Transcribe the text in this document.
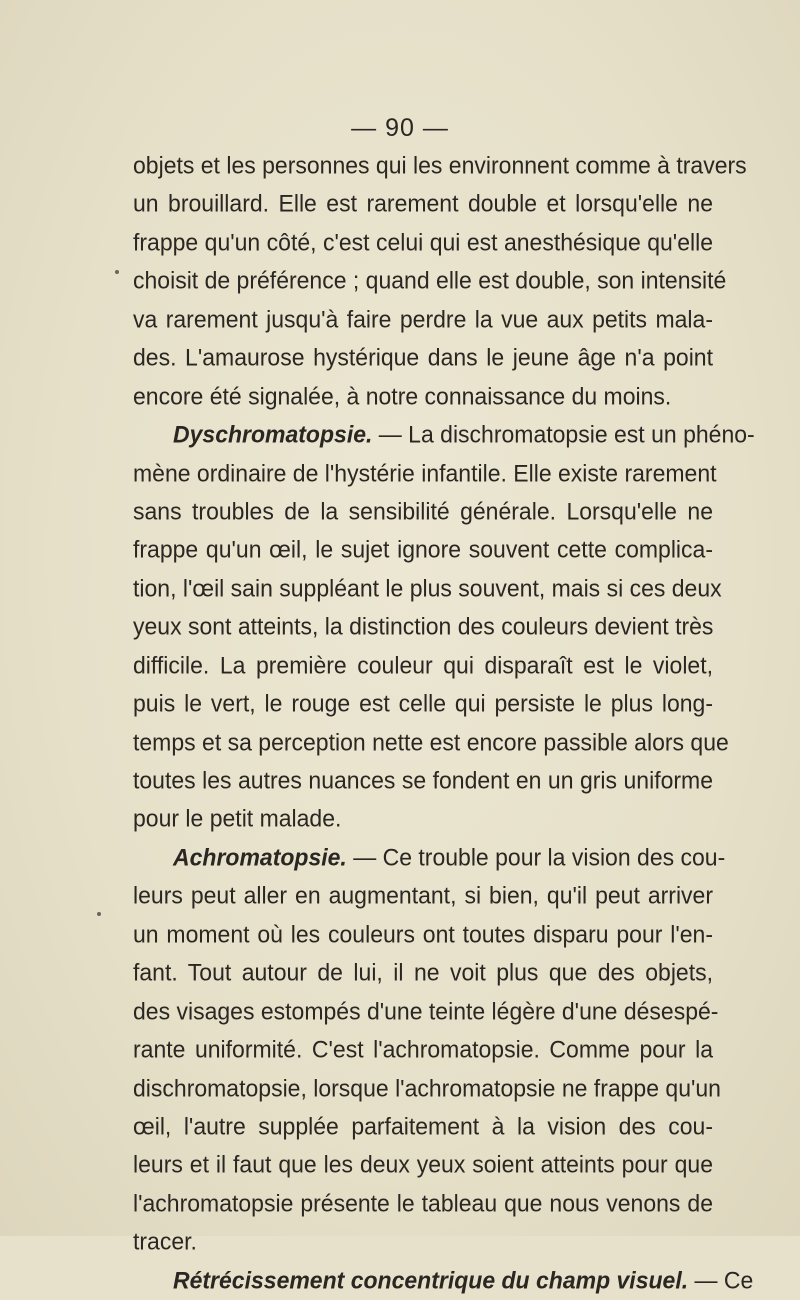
— 90 —
objets et les personnes qui les environnent comme à travers
un brouillard. Elle est rarement double et lorsqu'elle ne
frappe qu'un côté, c'est celui qui est anesthésique qu'elle
choisit de préférence ; quand elle est double, son intensité
va rarement jusqu'à faire perdre la vue aux petits mala-
des. L'amaurose hystérique dans le jeune âge n'a point
encore été signalée, à notre connaissance du moins.
Dyschromatopsie. — La dischromatopsie est un phéno-
mène ordinaire de l'hystérie infantile. Elle existe rarement
sans troubles de la sensibilité générale. Lorsqu'elle ne
frappe qu'un œil, le sujet ignore souvent cette complica-
tion, l'œil sain suppléant le plus souvent, mais si ces deux
yeux sont atteints, la distinction des couleurs devient très
difficile. La première couleur qui disparaît est le violet,
puis le vert, le rouge est celle qui persiste le plus long-
temps et sa perception nette est encore passible alors que
toutes les autres nuances se fondent en un gris uniforme
pour le petit malade.
Achromatopsie. — Ce trouble pour la vision des cou-
leurs peut aller en augmentant, si bien, qu'il peut arriver
un moment où les couleurs ont toutes disparu pour l'en-
fant. Tout autour de lui, il ne voit plus que des objets,
des visages estompés d'une teinte légère d'une désespé-
rante uniformité. C'est l'achromatopsie. Comme pour la
dischromatopsie, lorsque l'achromatopsie ne frappe qu'un
œil, l'autre supplée parfaitement à la vision des cou-
leurs et il faut que les deux yeux soient atteints pour que
l'achromatopsie présente le tableau que nous venons de
tracer.
Rétrécissement concentrique du champ visuel. — Ce
